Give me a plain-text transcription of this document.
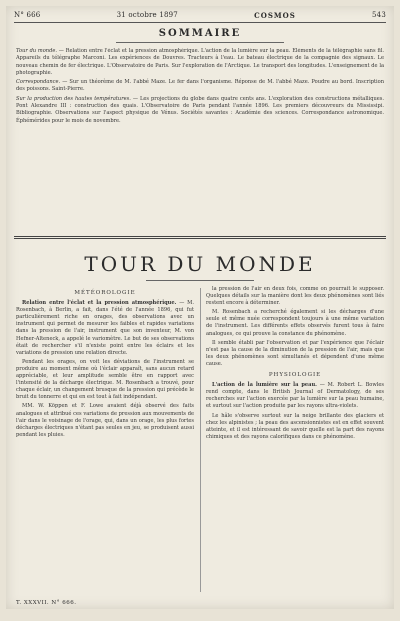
N° 666	31 octobre 1897	COSMOS	543
SOMMAIRE

Tour du monde. — Relation entre l'éclat et la pression atmosphérique. L'action de la lumière sur la peau. Éléments de la télégraphie sans fil. Appareils du télégraphe Marconi. Les expériences de Douvres. Tracteurs à l'eau. Le bateau électrique de la compagnie des signaux. Le nouveau chemin de fer électrique. L'Observatoire de Paris. Sur l'exploration de l'Arctique. Le transport des longitudes. L'enseignement de la photographie.

Correspondance. — Sur un théorème de M. l'abbé Maze. Le fer dans l'organisme. Réponse de M. l'abbé Maze. Poudre au bord. Inscription des poissons. Saint-Pierre.

Sur la production des hautes températures. — Les projections du globe dans quatre cents ans. L'exploration des constructions métalliques. Pont Alexandre III : construction des quais. L'Observatoire de Paris pendant l'année 1896. Les premiers découvreurs du Mississipi. Bibliographie. Observations sur l'aspect physique de Vénus. Sociétés savantes : Académie des sciences. Correspondance astronomique. Éphémérides pour le mois de novembre.

TOUR DU MONDE
MÉTÉOROLOGIE

Relation entre l'éclat et la pression atmosphérique. — M. Rosenbach, à Berlin, a fait, dans l'été de l'année 1896, qui fut particulièrement riche en orages, des observations avec un instrument qui permet de mesurer les faibles et rapides variations dans la pression de l'air, instrument que son inventeur, M. von Hefner-Alteneck, a appelé le variomètre. Le but de ses observations était de rechercher s'il n'existe point entre les éclairs et les variations de pression une relation directe.

Pendant les orages, on voit les déviations de l'instrument se produire au moment même où l'éclair apparaît, sans aucun retard appréciable, et leur amplitude semble être en rapport avec l'intensité de la décharge électrique. M. Rosenbach a trouvé, pour chaque éclair, un changement brusque de la pression qui précède le bruit du tonnerre et qui en est tout à fait indépendant.

MM. W. Köppen et F. Lowe avaient déjà observé des faits analogues et attribué ces variations de pression aux mouvements de l'air dans le voisinage de l'orage, qui, dans un orage, les plus fortes décharges électriques n'étant pas seules en jeu, se produisent aussi pendant les pluies.

la pression de l'air en deux fois, comme on pourrait le supposer. Quelques détails sur la manière dont les deux phénomènes sont liés restent encore à déterminer.

M. Rosenbach a recherché également si les décharges d'une seule et même nuée correspondent toujours à une même variation de l'instrument. Les différents effets observés furent tous à faire analogues, ce qui prouve la constance du phénomène.

Il semble établi par l'observation et par l'expérience que l'éclair n'est pas la cause de la diminution de la pression de l'air, mais que les deux phénomènes sont simultanés et dépendent d'une même cause.

PHYSIOLOGIE

L'action de la lumière sur la peau. — M. Robert L. Bowles rend compte, dans le British Journal of Dermatology, de ses recherches sur l'action exercée par la lumière sur la peau humaine, et surtout sur l'action produite par les rayons ultra-violets.

Le hâle s'observe surtout sur la neige brillante des glaciers et chez les alpinistes ; la peau des ascensionnistes est en effet souvent atteinte, et il est intéressant de savoir quelle est la part des rayons chimiques et des rayons calorifiques dans ce phénomène.

T. XXXVII. N° 666.
